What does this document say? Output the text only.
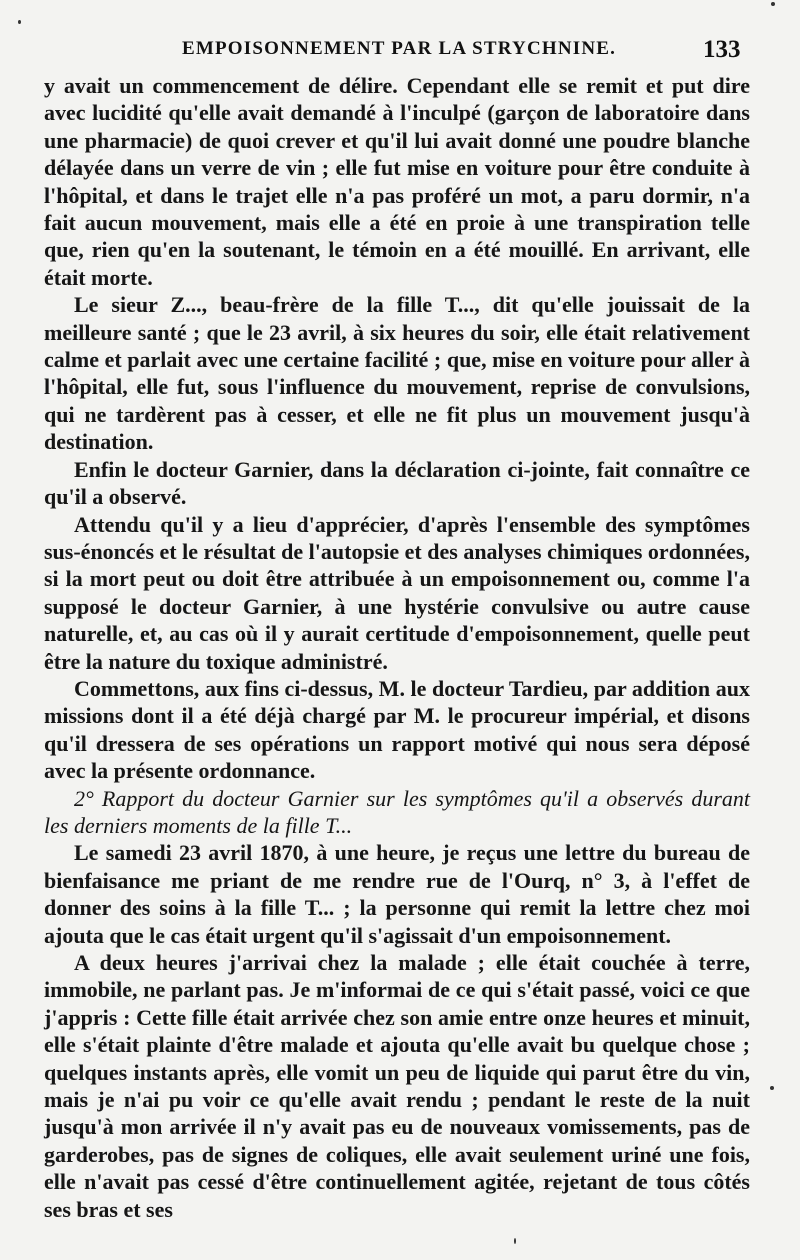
EMPOISONNEMENT PAR LA STRYCHNINE.	133

y avait un commencement de délire. Cependant elle se remit et put dire avec lucidité qu'elle avait demandé à l'inculpé (garçon de laboratoire dans une pharmacie) de quoi crever et qu'il lui avait donné une poudre blanche délayée dans un verre de vin ; elle fut mise en voiture pour être conduite à l'hôpital, et dans le trajet elle n'a pas proféré un mot, a paru dormir, n'a fait aucun mouvement, mais elle a été en proie à une transpiration telle que, rien qu'en la soutenant, le témoin en a été mouillé. En arrivant, elle était morte.

Le sieur Z..., beau-frère de la fille T..., dit qu'elle jouissait de la meilleure santé ; que le 23 avril, à six heures du soir, elle était relativement calme et parlait avec une certaine facilité ; que, mise en voiture pour aller à l'hôpital, elle fut, sous l'influence du mouvement, reprise de convulsions, qui ne tardèrent pas à cesser, et elle ne fit plus un mouvement jusqu'à destination.

Enfin le docteur Garnier, dans la déclaration ci-jointe, fait connaître ce qu'il a observé.

Attendu qu'il y a lieu d'apprécier, d'après l'ensemble des symptômes sus-énoncés et le résultat de l'autopsie et des analyses chimiques ordonnées, si la mort peut ou doit être attribuée à un empoisonnement ou, comme l'a supposé le docteur Garnier, à une hystérie convulsive ou autre cause naturelle, et, au cas où il y aurait certitude d'empoisonnement, quelle peut être la nature du toxique administré.

Commettons, aux fins ci-dessus, M. le docteur Tardieu, par addition aux missions dont il a été déjà chargé par M. le procureur impérial, et disons qu'il dressera de ses opérations un rapport motivé qui nous sera déposé avec la présente ordonnance.

2° Rapport du docteur Garnier sur les symptômes qu'il a observés durant les derniers moments de la fille T...

Le samedi 23 avril 1870, à une heure, je reçus une lettre du bureau de bienfaisance me priant de me rendre rue de l'Ourq, n° 3, à l'effet de donner des soins à la fille T... ; la personne qui remit la lettre chez moi ajouta que le cas était urgent qu'il s'agissait d'un empoisonnement.

A deux heures j'arrivai chez la malade ; elle était couchée à terre, immobile, ne parlant pas. Je m'informai de ce qui s'était passé, voici ce que j'appris : Cette fille était arrivée chez son amie entre onze heures et minuit, elle s'était plainte d'être malade et ajouta qu'elle avait bu quelque chose ; quelques instants après, elle vomit un peu de liquide qui parut être du vin, mais je n'ai pu voir ce qu'elle avait rendu ; pendant le reste de la nuit jusqu'à mon arrivée il n'y avait pas eu de nouveaux vomissements, pas de garderobes, pas de signes de coliques, elle avait seulement uriné une fois, elle n'avait pas cessé d'être continuellement agitée, rejetant de tous côtés ses bras et ses
